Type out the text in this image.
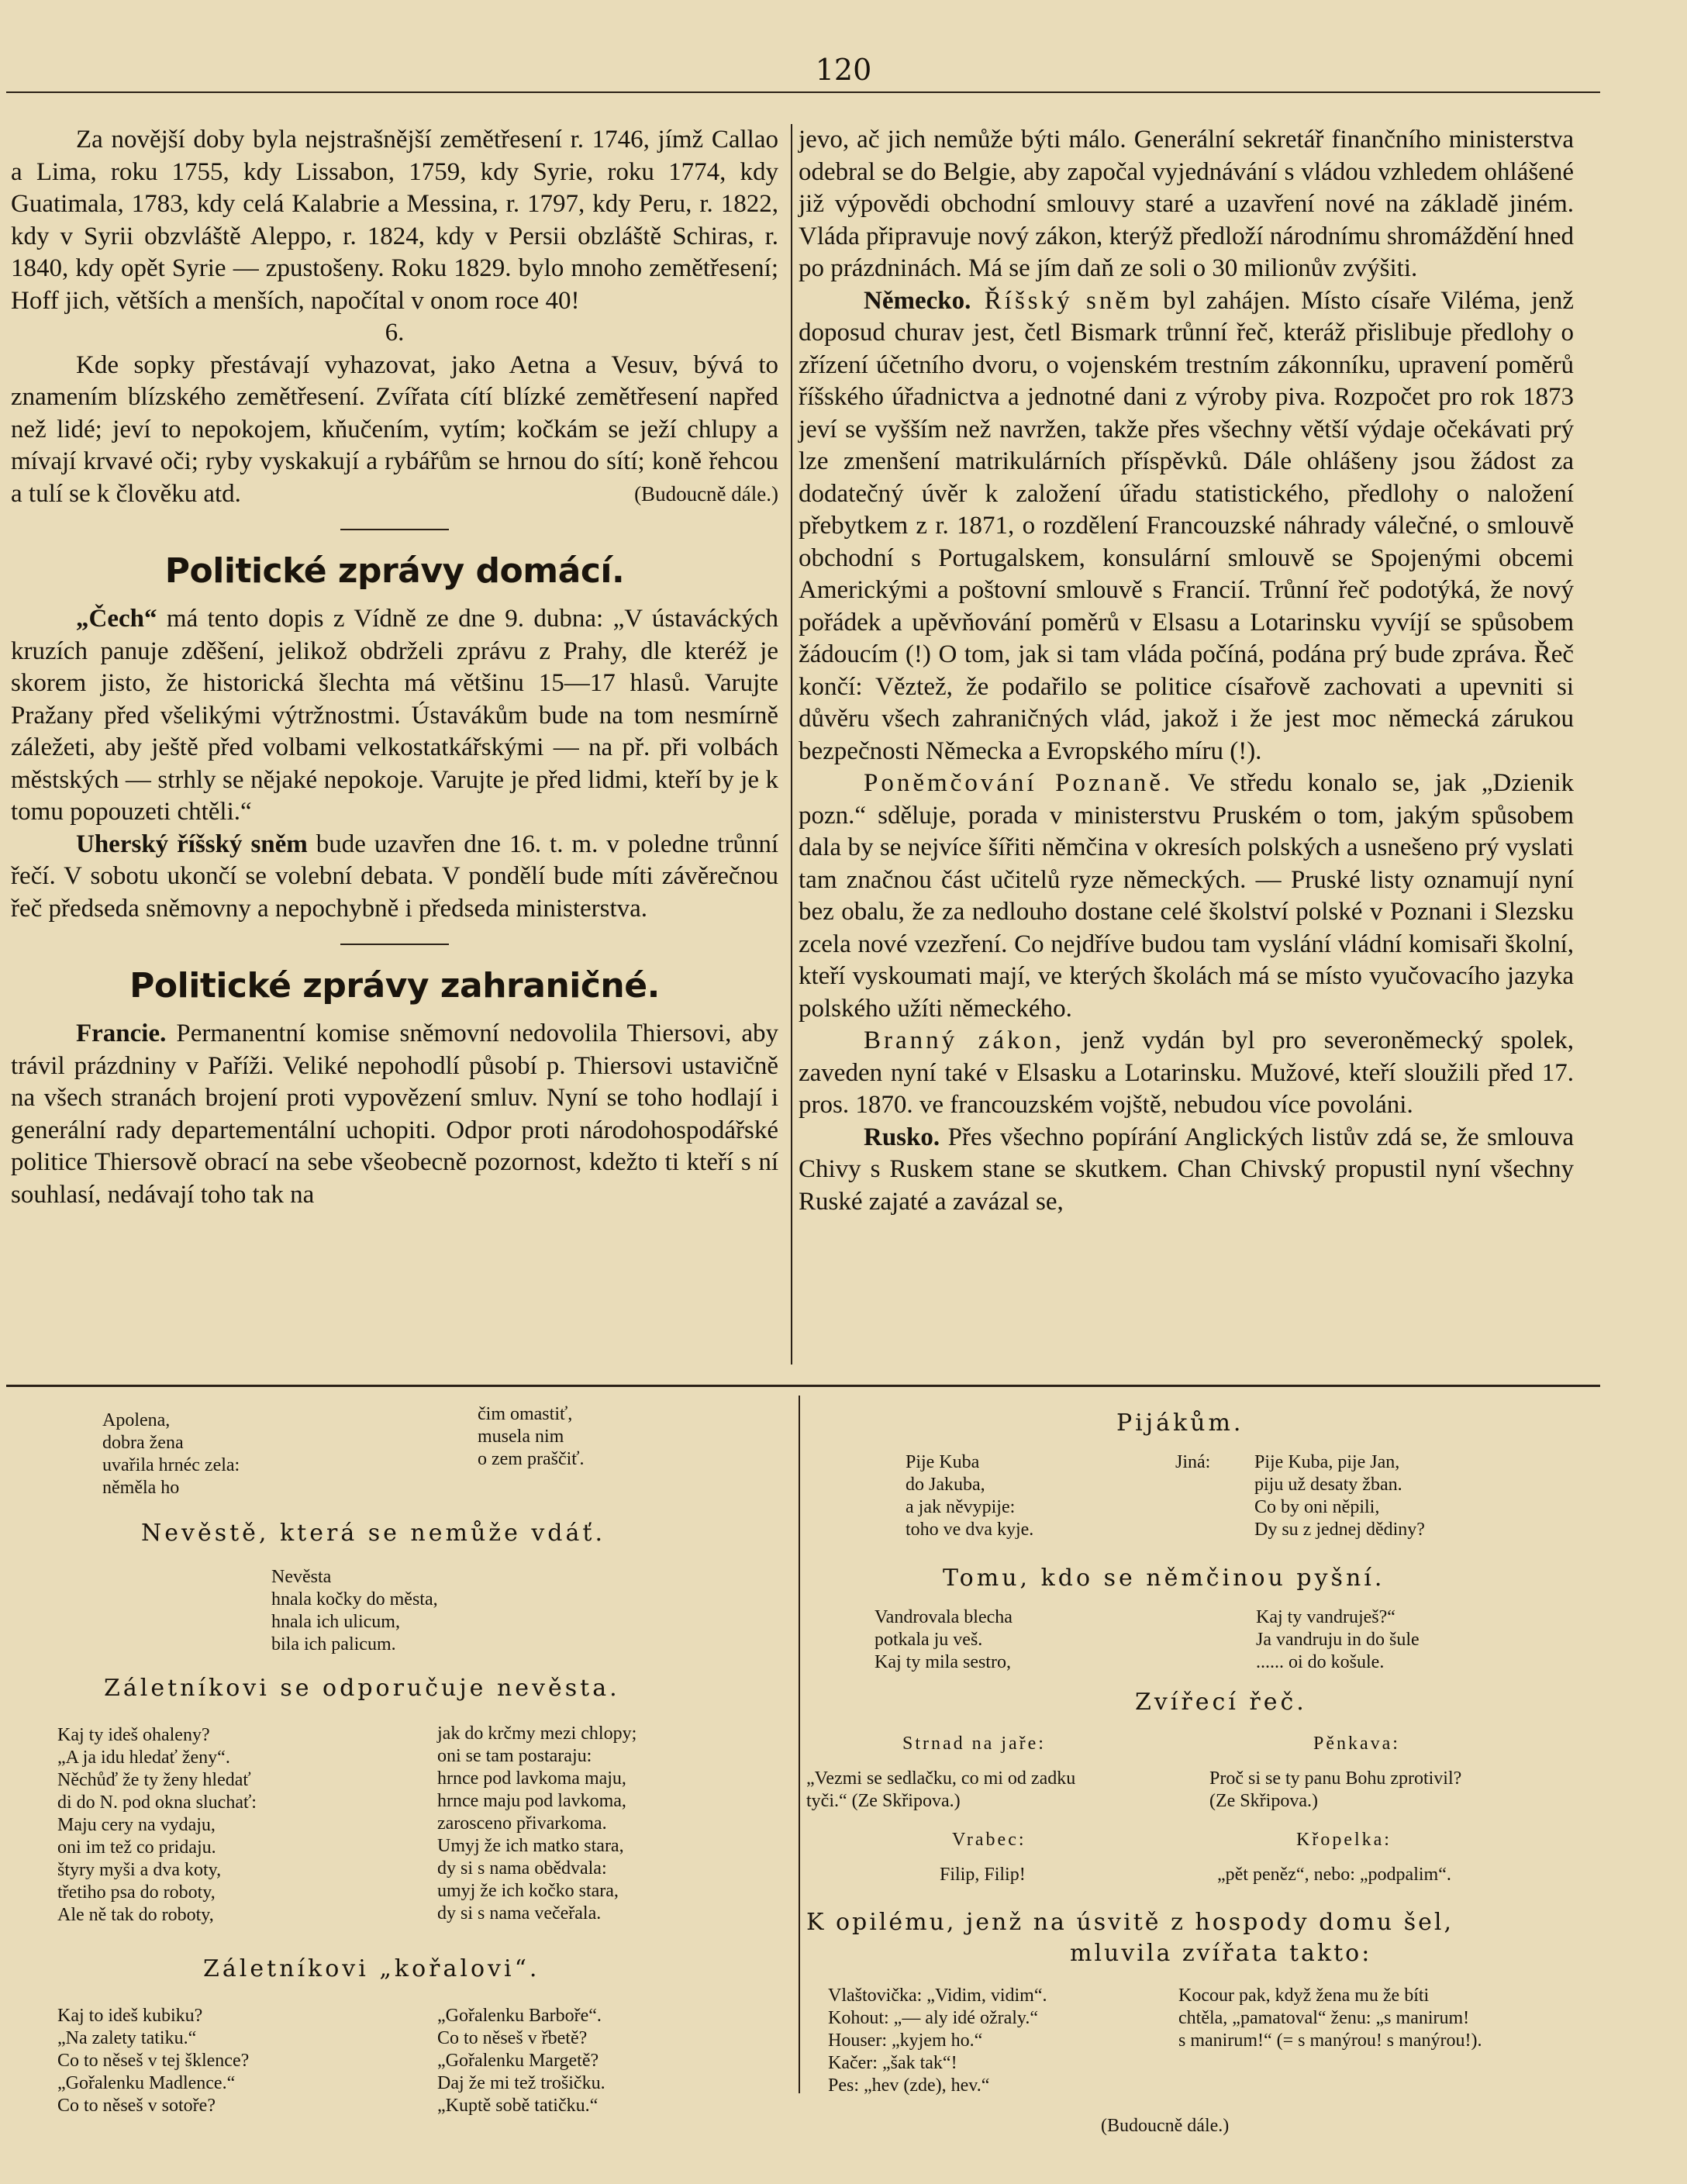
120

Za novější doby byla nejstrašnější zemětřesení r. 1746, jímž Callao a Lima, roku 1755, kdy Lissabon, 1759, kdy Syrie, roku 1774, kdy Guatimala, 1783, kdy celá Kalabrie a Messina, r. 1797, kdy Peru, r. 1822, kdy v Syrii obzvláště Aleppo, r. 1824, kdy v Persii obzláště Schiras, r. 1840, kdy opět Syrie — zpustošeny. Roku 1829. bylo mnoho zemětřesení; Hoff jich, větších a menších, napočítal v onom roce 40!

6.

Kde sopky přestávají vyhazovat, jako Aetna a Vesuv, bývá to znamením blízského zemětřesení. Zvířata cítí blízké zemětřesení napřed než lidé; jeví to nepokojem, kňučením, vytím; kočkám se ježí chlupy a mívají krvavé oči; ryby vyskakují a rybářům se hrnou do sítí; koně řehcou a tulí se k člověku atd.	(Budoucně dále.)

Politické zprávy domácí.

„Čech“ má tento dopis z Vídně ze dne 9. dubna: „V ústaváckých kruzích panuje zděšení, jelikož obdrželi zprávu z Prahy, dle kteréž je skorem jisto, že historická šlechta má většinu 15—17 hlasů. Varujte Pražany před všelikými výtržnostmi. Ústavákům bude na tom nesmírně záležeti, aby ještě před volbami velkostatkářskými — na př. při volbách městských — strhly se nějaké nepokoje. Varujte je před lidmi, kteří by je k tomu popouzeti chtěli.“

Uherský říšský sněm bude uzavřen dne 16. t. m. v poledne trůnní řečí. V sobotu ukončí se volební debata. V pondělí bude míti závěrečnou řeč předseda sněmovny a nepochybně i předseda ministerstva.

Politické zprávy zahraničné.

Francie. Permanentní komise sněmovní nedovolila Thiersovi, aby trávil prázdniny v Paříži. Veliké nepohodlí působí p. Thiersovi ustavičně na všech stranách brojení proti vypovězení smluv. Nyní se toho hodlají i generální rady departementální uchopiti. Odpor proti národohospodářské politice Thiersově obrací na sebe všeobecně pozornost, kdežto ti kteří s ní souhlasí, nedávají toho tak na

jevo, ač jich nemůže býti málo. Generální sekretář finančního ministerstva odebral se do Belgie, aby započal vyjednávání s vládou vzhledem ohlášené již výpovědi obchodní smlouvy staré a uzavření nové na základě jiném. Vláda připravuje nový zákon, kterýž předloží národnímu shromáždění hned po prázdninách. Má se jím daň ze soli o 30 milionův zvýšiti.

Německo. Říšský sněm byl zahájen. Místo císaře Viléma, jenž doposud churav jest, četl Bismark trůnní řeč, kteráž přislibuje předlohy o zřízení účetního dvoru, o vojenském trestním zákonníku, upravení poměrů říšského úřadnictva a jednotné dani z výroby piva. Rozpočet pro rok 1873 jeví se vyšším než navržen, takže přes všechny větší výdaje očekávati prý lze zmenšení matrikulárních příspěvků. Dále ohlášeny jsou žádost za dodatečný úvěr k založení úřadu statistického, předlohy o naložení přebytkem z r. 1871, o rozdělení Francouzské náhrady válečné, o smlouvě obchodní s Portugalskem, konsulární smlouvě se Spojenými obcemi Americkými a poštovní smlouvě s Francií. Trůnní řeč podotýká, že nový pořádek a upěvňování poměrů v Elsasu a Lotarinsku vyvíjí se spůsobem žádoucím (!) O tom, jak si tam vláda počíná, podána prý bude zpráva. Řeč končí: Věztež, že podařilo se politice císařově zachovati a upevniti si důvěru všech zahraničných vlád, jakož i že jest moc německá zárukou bezpečnosti Německa a Evropského míru (!).

Poněmčování Poznaně. Ve středu konalo se, jak „Dzienik pozn.“ sděluje, porada v ministerstvu Pruském o tom, jakým spůsobem dala by se nejvíce šířiti němčina v okresích polských a usnešeno prý vyslati tam značnou část učitelů ryze německých. — Pruské listy oznamují nyní bez obalu, že za nedlouho dostane celé školství polské v Poznani i Slezsku zcela nové vzezření. Co nejdříve budou tam vyslání vládní komisaři školní, kteří vyskoumati mají, ve kterých školách má se místo vyučovacího jazyka polského užíti německého.

Branný zákon, jenž vydán byl pro severoněmecký spolek, zaveden nyní také v Elsasku a Lotarinsku. Mužové, kteří sloužili před 17. pros. 1870. ve francouzském vojště, nebudou více povoláni.

Rusko. Přes všechno popírání Anglických listův zdá se, že smlouva Chivy s Ruskem stane se skutkem. Chan Chivský propustil nyní všechny Ruské zajaté a zavázal se,

Apolena,
dobra žena
uvařila hrnéc zela:
něměla ho
čim omastiť,
musela nim
o zem praščiť.
Nevěstě, která se nemůže vdáť.
Nevěsta
hnala kočky do města,
hnala ich ulicum,
bila ich palicum.
Záletníkovi se odporučuje nevěsta.
Kaj ty ideš ohaleny?
„A ja idu hledať ženy“.
Něchůď že ty ženy hledať
di do N. pod okna sluchať:
Maju cery na vydaju,
oni im tež co pridaju.
štyry myši a dva koty,
třetiho psa do roboty,
Ale ně tak do roboty,
jak do krčmy mezi chlopy;
oni se tam postaraju:
hrnce pod lavkoma maju,
hrnce maju pod lavkoma,
zarosceno přivarkoma.
Umyj že ich matko stara,
dy si s nama obědvala:
umyj že ich kočko stara,
dy si s nama večeřala.
Záletníkovi „kořalovi“.
Kaj to ideš kubiku?
„Na zalety tatiku.“
Co to něseš v tej šklence?
„Gořalenku Madlence.“
Co to něseš v sotoře?
„Gořalenku Barboře“.
Co to něseš v řbetě?
„Gořalenku Margetě?
Daj že mi tež trošičku.
„Kuptě sobě tatičku.“
Pijákům.
Pije Kuba
do Jakuba,
a jak něvypije:
toho ve dva kyje.
Jiná: Pije Kuba, pije Jan,
piju už desaty žban.
Co by oni něpili,
Dy su z jednej dědiny?
Tomu, kdo se němčinou pyšní.
Vandrovala blecha
potkala ju veš.
Kaj ty mila sestro,
Kaj ty vandruješ?“
Ja vandruju in do šule
...... oi do košule.
Zvířecí řeč.
Strnad na jaře:
„Vezmi se sedlačku, co mi od zadku
tyči.“ (Ze Skřipova.)
Pěnkava:
Proč si se ty panu Bohu zprotivil?
(Ze Skřipova.)
Vrabec:
Filip, Filip!
Křopelka:
„pět peněz“, nebo: „podpalim“.
K opilému, jenž na úsvitě z hospody domu šel,
mluvila zvířata takto:
Vlaštovička: „Vidim, vidim“.
Kohout: „— aly idé ožraly.“
Houser: „kyjem ho.“
Kačer: „šak tak“!
Pes: „hev (zde), hev.“
Kocour pak, když žena mu že bíti
chtěla, „pamatoval“ ženu: „s manirum!
s manirum!“ (= s manýrou! s manýrou!).
(Budoucně dále.)
